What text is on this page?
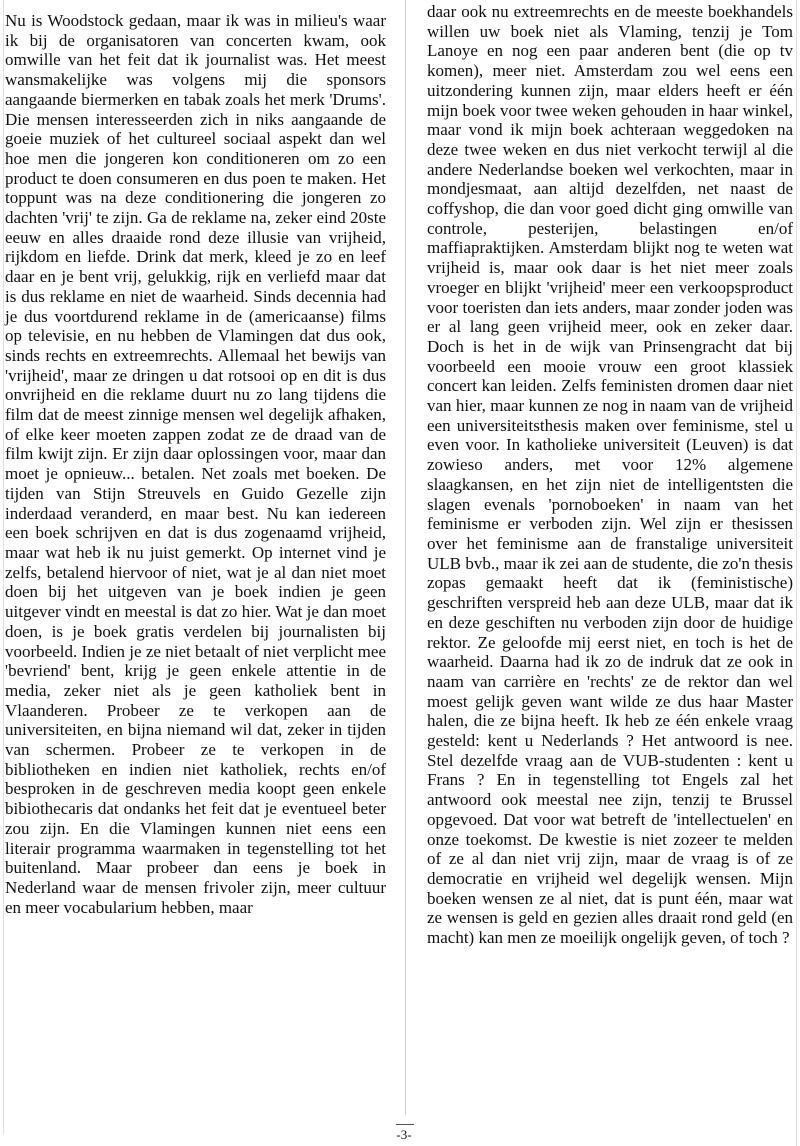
Nu is Woodstock gedaan, maar ik was in milieu's waar ik bij de organisatoren van concerten kwam, ook omwille van het feit dat ik journalist was. Het meest wansmakelijke was volgens mij die sponsors aangaande biermerken en tabak zoals het merk 'Drums'. Die mensen interesseerden zich in niks aangaande de goeie muziek of het cultureel sociaal aspekt dan wel hoe men die jongeren kon conditioneren om zo een product te doen consumeren en dus poen te maken. Het toppunt was na deze conditionering die jongeren zo dachten 'vrij' te zijn. Ga de reklame na, zeker eind 20ste eeuw en alles draaide rond deze illusie van vrijheid, rijkdom en liefde. Drink dat merk, kleed je zo en leef daar en je bent vrij, gelukkig, rijk en verliefd maar dat is dus reklame en niet de waarheid. Sinds decennia had je dus voortdurend reklame in de (americaanse) films op televisie, en nu hebben de Vlamingen dat dus ook, sinds rechts en extreemrechts. Allemaal het bewijs van 'vrijheid', maar ze dringen u dat rotsooi op en dit is dus onvrijheid en die reklame duurt nu zo lang tijdens die film dat de meest zinnige mensen wel degelijk afhaken, of elke keer moeten zappen zodat ze de draad van de film kwijt zijn. Er zijn daar oplossingen voor, maar dan moet je opnieuw... betalen. Net zoals met boeken. De tijden van Stijn Streuvels en Guido Gezelle zijn inderdaad veranderd, en maar best. Nu kan iedereen een boek schrijven en dat is dus zogenaamd vrijheid, maar wat heb ik nu juist gemerkt. Op internet vind je zelfs, betalend hiervoor of niet, wat je al dan niet moet doen bij het uitgeven van je boek indien je geen uitgever vindt en meestal is dat zo hier. Wat je dan moet doen, is je boek gratis verdelen bij journalisten bij voorbeeld. Indien je ze niet betaalt of niet verplicht mee 'bevriend' bent, krijg je geen enkele attentie in de media, zeker niet als je geen katholiek bent in Vlaanderen. Probeer ze te verkopen aan de universiteiten, en bijna niemand wil dat, zeker in tijden van schermen. Probeer ze te verkopen in de bibliotheken en indien niet katholiek, rechts en/of besproken in de geschreven media koopt geen enkele bibiothecaris dat ondanks het feit dat je eventueel beter zou zijn. En die Vlamingen kunnen niet eens een literair programma waarmaken in tegenstelling tot het buitenland. Maar probeer dan eens je boek in Nederland waar de mensen frivoler zijn, meer cultuur en meer vocabularium hebben, maar

daar ook nu extreemrechts en de meeste boekhandels willen uw boek niet als Vlaming, tenzij je Tom Lanoye en nog een paar anderen bent (die op tv komen), meer niet. Amsterdam zou wel eens een uitzondering kunnen zijn, maar elders heeft er één mijn boek voor twee weken gehouden in haar winkel, maar vond ik mijn boek achteraan weggedoken na deze twee weken en dus niet verkocht terwijl al die andere Nederlandse boeken wel verkochten, maar in mondjesmaat, aan altijd dezelfden, net naast de coffyshop, die dan voor goed dicht ging omwille van controle, pesterijen, belastingen en/of maffiapraktijken. Amsterdam blijkt nog te weten wat vrijheid is, maar ook daar is het niet meer zoals vroeger en blijkt 'vrijheid' meer een verkoopsproduct voor toeristen dan iets anders, maar zonder joden was er al lang geen vrijheid meer, ook en zeker daar. Doch is het in de wijk van Prinsengracht dat bij voorbeeld een mooie vrouw een groot klassiek concert kan leiden. Zelfs feministen dromen daar niet van hier, maar kunnen ze nog in naam van de vrijheid een universiteitsthesis maken over feminisme, stel u even voor. In katholieke universiteit (Leuven) is dat zowieso anders, met voor 12% algemene slaagkansen, en het zijn niet de intelligentsten die slagen evenals 'pornoboeken' in naam van het feminisme er verboden zijn. Wel zijn er thesissen over het feminisme aan de franstalige universiteit ULB bvb., maar ik zei aan de studente, die zo'n thesis zopas gemaakt heeft dat ik (feministische) geschriften verspreid heb aan deze ULB, maar dat ik en deze geschiften nu verboden zijn door de huidige rektor. Ze geloofde mij eerst niet, en toch is het de waarheid. Daarna had ik zo de indruk dat ze ook in naam van carrière en 'rechts' ze de rektor dan wel moest gelijk geven want wilde ze dus haar Master halen, die ze bijna heeft. Ik heb ze één enkele vraag gesteld: kent u Nederlands ? Het antwoord is nee. Stel dezelfde vraag aan de VUB-studenten : kent u Frans ? En in tegenstelling tot Engels zal het antwoord ook meestal nee zijn, tenzij te Brussel opgevoed. Dat voor wat betreft de 'intellectuelen' en onze toekomst. De kwestie is niet zozeer te melden of ze al dan niet vrij zijn, maar de vraag is of ze democratie en vrijheid wel degelijk wensen. Mijn boeken wensen ze al niet, dat is punt één, maar wat ze wensen is geld en gezien alles draait rond geld (en macht) kan men ze moeilijk ongelijk geven, of toch ?

-3-
